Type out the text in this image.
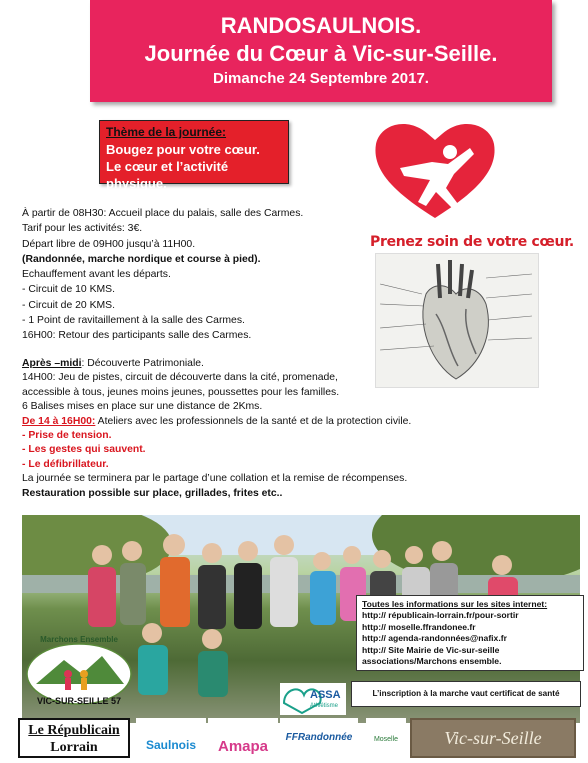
RANDOSAULNOIS.
Journée du Cœur à Vic-sur-Seille.
Dimanche 24 Septembre 2017.
Thème de la journée:
Bougez pour votre cœur.
Le cœur et l’activité physique.
Prenez soin de votre cœur.
À partir de 08H30: Accueil place du palais, salle des Carmes.
Tarif pour les activités: 3€.
Départ libre de 09H00 jusqu’à 11H00.
(Randonnée, marche nordique et course à pied).
Echauffement avant les départs.
- Circuit de 10 KMS.
- Circuit de 20 KMS.
- 1 Point de ravitaillement à la salle des Carmes.
16H00: Retour des participants salle des Carmes.
Après –midi: Découverte Patrimoniale.
14H00: Jeu de pistes, circuit de découverte dans la cité, promenade,
accessible à tous, jeunes moins jeunes, poussettes pour les familles.
6 Balises mises en place sur une distance de 2Kms.
De 14 à 16H00: Ateliers avec les professionnels de la santé et de la protection civile.
- Prise de tension.
- Les gestes qui sauvent.
- Le défibrillateur.
La journée se terminera par le partage d’une collation et la remise de récompenses.
Restauration possible sur place, grillades, frites etc..
Marchons Ensemble
VIC-SUR-SEILLE 57
Toutes les informations sur les sites internet:
http:// républicain-lorrain.fr/pour-sortir
http:// moselle.ffrandonee.fr
http:// agenda-randonnées@nafix.fr
http:// Site Mairie de Vic-sur-seille
associations/Marchons ensemble.
ASSA
Athlétisme
L’inscription à la marche vaut certificat de santé
Le Républicain
Lorrain	Saulnois	Amapa
FFRandonnée	Moselle	Vic-sur-Seille
